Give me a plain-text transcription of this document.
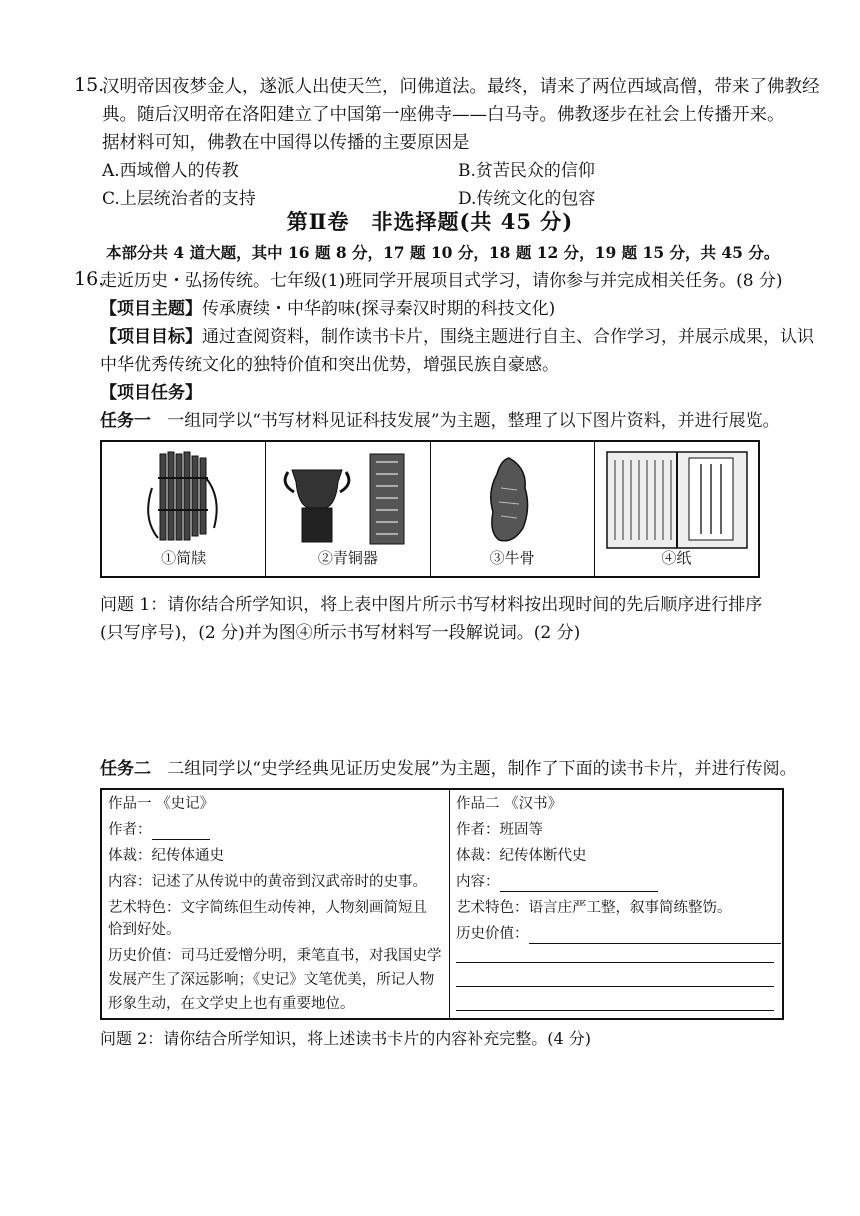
15.
汉明帝因夜梦金人，遂派人出使天竺，问佛道法。最终，请来了两位西域高僧，带来了佛教经
典。随后汉明帝在洛阳建立了中国第一座佛寺——白马寺。佛教逐步在社会上传播开来。
据材料可知，佛教在中国得以传播的主要原因是
A.西域僧人的传教	B.贫苦民众的信仰
C.上层统治者的支持	D.传统文化的包容
第Ⅱ卷　非选择题(共 45 分)
本部分共 4 道大题，其中 16 题 8 分，17 题 10 分，18 题 12 分，19 题 15 分，共 45 分。
16.
走近历史・弘扬传统。七年级(1)班同学开展项目式学习，请你参与并完成相关任务。(8 分)
【项目主题】传承赓续・中华韵味(探寻秦汉时期的科技文化)
【项目目标】通过查阅资料，制作读书卡片，围绕主题进行自主、合作学习，并展示成果，认识
中华优秀传统文化的独特价值和突出优势，增强民族自豪感。
【项目任务】
任务一 一组同学以“书写材料见证科技发展”为主题，整理了以下图片资料，并进行展览。
①简牍	②青铜器	③牛骨	④纸
问题 1：请你结合所学知识，将上表中图片所示书写材料按出现时间的先后顺序进行排序
(只写序号)，(2 分)并为图④所示书写材料写一段解说词。(2 分)
任务二 二组同学以“史学经典见证历史发展”为主题，制作了下面的读书卡片，并进行传阅。
作品一 《史记》
作者：
体裁：纪传体通史
内容：记述了从传说中的黄帝到汉武帝时的史事。
艺术特色：文字简练但生动传神，人物刻画简短且
恰到好处。
历史价值：司马迁爱憎分明，秉笔直书，对我国史学
发展产生了深远影响；《史记》文笔优美，所记人物
形象生动，在文学史上也有重要地位。
作品二 《汉书》
作者：班固等
体裁：纪传体断代史
内容：
艺术特色：语言庄严工整，叙事简练整饬。
历史价值：
问题 2：请你结合所学知识，将上述读书卡片的内容补充完整。(4 分)
